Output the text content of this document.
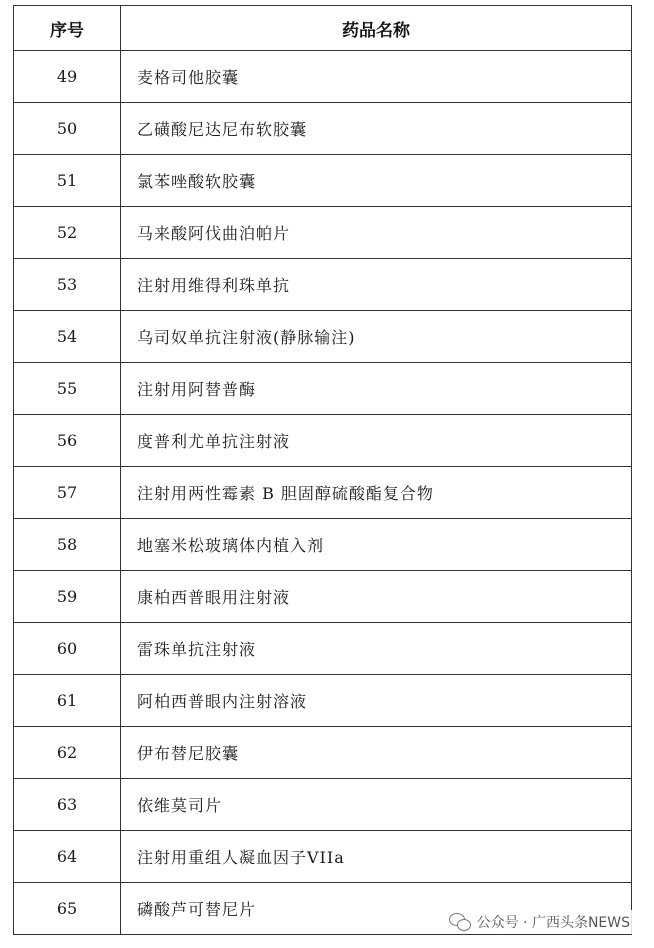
序号	药品名称
49	麦格司他胶囊
50	乙磺酸尼达尼布软胶囊
51	氯苯唑酸软胶囊
52	马来酸阿伐曲泊帕片
53	注射用维得利珠单抗
54	乌司奴单抗注射液(静脉输注)
55	注射用阿替普酶
56	度普利尤单抗注射液
57	注射用两性霉素 B 胆固醇硫酸酯复合物
58	地塞米松玻璃体内植入剂
59	康柏西普眼用注射液
60	雷珠单抗注射液
61	阿柏西普眼内注射溶液
62	伊布替尼胶囊
63	依维莫司片
64	注射用重组人凝血因子VIIa
65	磷酸芦可替尼片
公众号 · 广西头条NEWS
